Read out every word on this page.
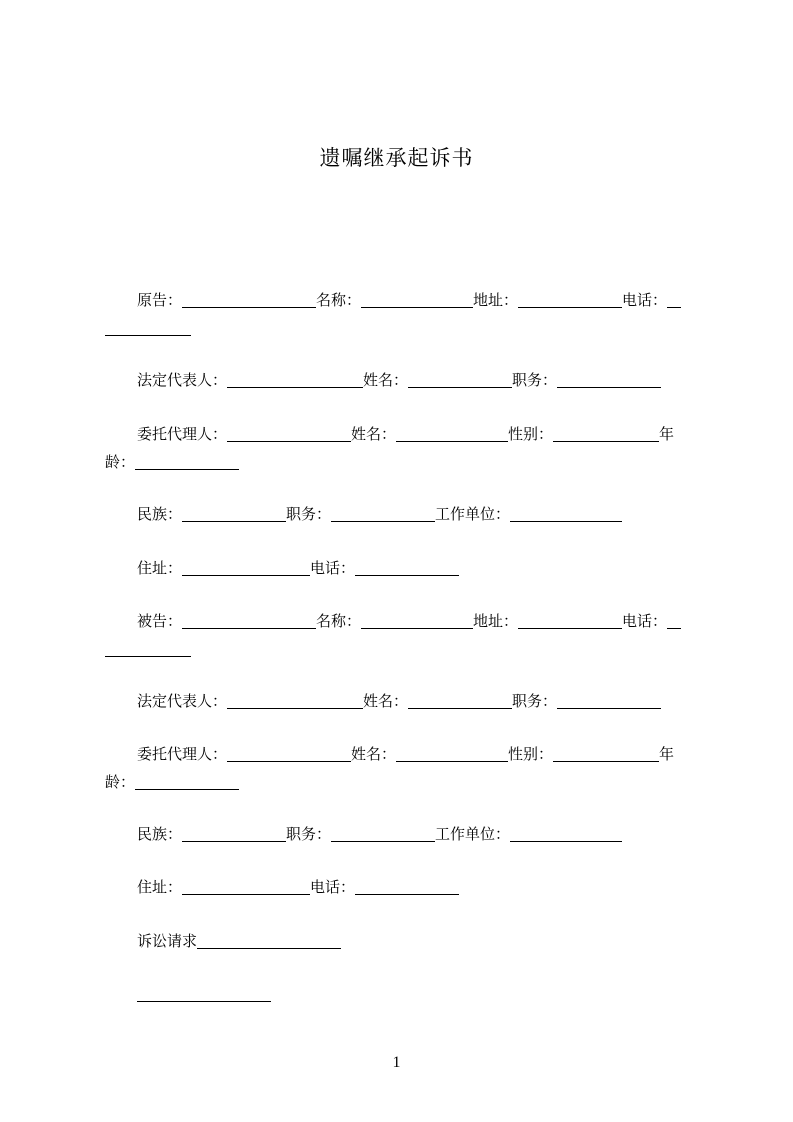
遗嘱继承起诉书
原告：	名称：	地址：	电话：
法定代表人：	姓名：	职务：
委托代理人：	姓名：	性别：	年
龄：
民族：	职务：	工作单位：
住址：	电话：
被告：	名称：	地址：	电话：
法定代表人：	姓名：	职务：
委托代理人：	姓名：	性别：	年
龄：
民族：	职务：	工作单位：
住址：	电话：
诉讼请求
1
